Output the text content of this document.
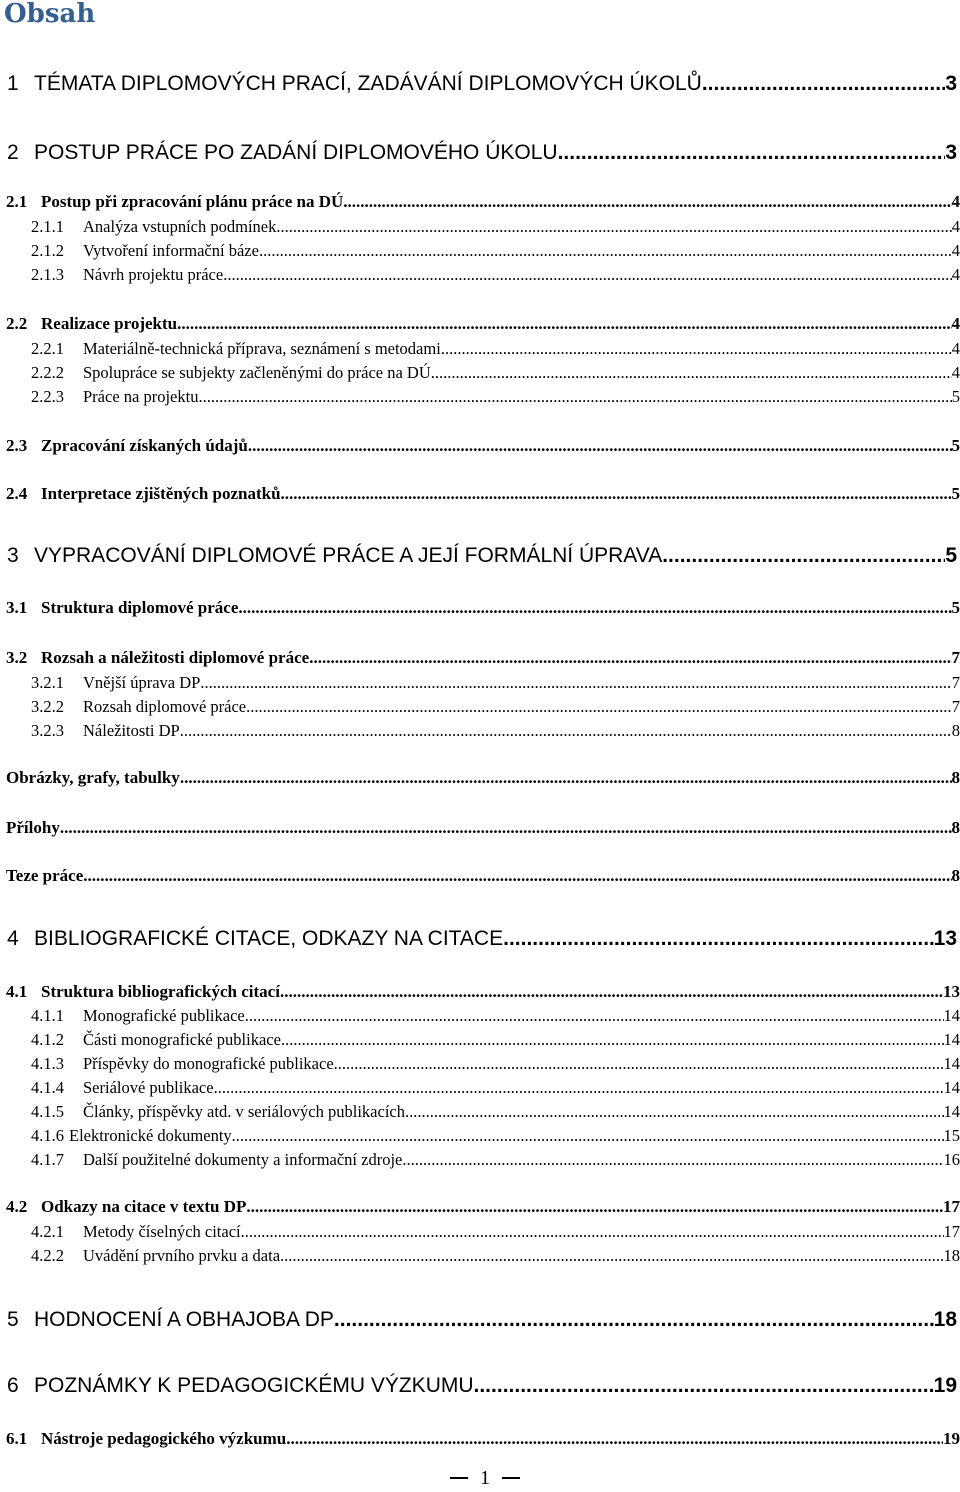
Obsah
1 TÉMATA DIPLOMOVÝCH PRACÍ, ZADÁVÁNÍ DIPLOMOVÝCH ÚKOLŮ .....	3
2 POSTUP PRÁCE PO ZADÁNÍ DIPLOMOVÉHO ÚKOLU .....	3
2.1 Postup při zpracování plánu práce na DÚ .....	4
2.1.1	Analýza vstupních podmínek .....	4
2.1.2	Vytvoření informační báze .....	4
2.1.3	Návrh projektu práce .....	4
2.2 Realizace projektu .....	4
2.2.1	Materiálně-technická příprava, seznámení s metodami .....	4
2.2.2	Spolupráce se subjekty začleněnými do práce na DÚ .....	4
2.2.3	Práce na projektu .....	5
2.3 Zpracování získaných údajů .....	5
2.4 Interpretace zjištěných poznatků .....	5
3 VYPRACOVÁNÍ DIPLOMOVÉ PRÁCE A JEJÍ FORMÁLNÍ ÚPRAVA .....	5
3.1 Struktura diplomové práce .....	5
3.2 Rozsah a náležitosti diplomové práce .....	7
3.2.1	Vnější úprava DP .....	7
3.2.2	Rozsah diplomové práce .....	7
3.2.3	Náležitosti DP .....	8
Obrázky, grafy, tabulky .....	8
Přílohy .....	8
Teze práce .....	8
4 BIBLIOGRAFICKÉ CITACE, ODKAZY NA CITACE .....	13
4.1 Struktura bibliografických citací .....	13
4.1.1	Monografické publikace .....	14
4.1.2	Části monografické publikace .....	14
4.1.3	Příspěvky do monografické publikace .....	14
4.1.4	Seriálové publikace .....	14
4.1.5	Články, příspěvky atd. v seriálových publikacích .....	14
4.1.6 Elektronické dokumenty .....	15
4.1.7	Další použitelné dokumenty a informační zdroje .....	16
4.2 Odkazy na citace v textu DP .....	17
4.2.1	Metody číselných citací .....	17
4.2.2	Uvádění prvního prvku a data .....	18
5 HODNOCENÍ A OBHAJOBA DP .....	18
6 POZNÁMKY K PEDAGOGICKÉMU VÝZKUMU .....	19
6.1 Nástroje pedagogického výzkumu .....	19
1
